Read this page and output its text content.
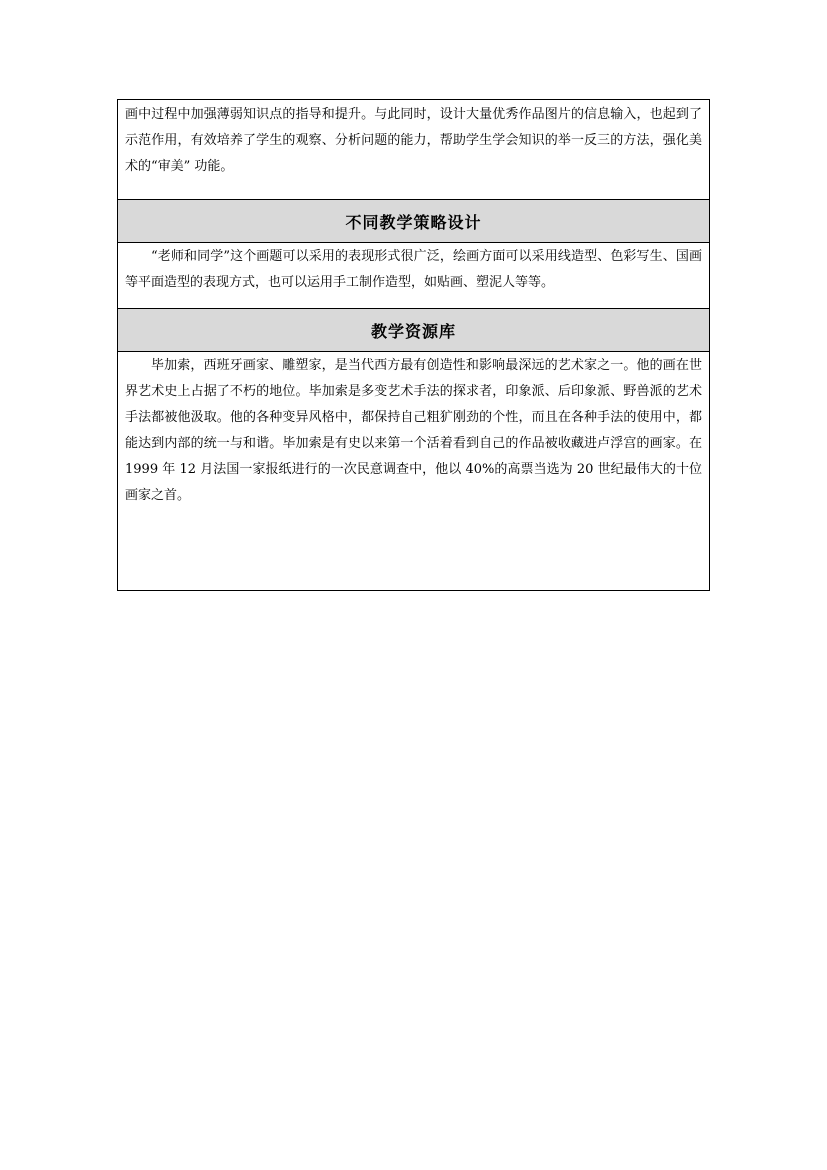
画中过程中加强薄弱知识点的指导和提升。与此同时，设计大量优秀作品图片的信息输入，也起到了示范作用，有效培养了学生的观察、分析问题的能力，帮助学生学会知识的举一反三的方法，强化美术的“审美” 功能。

不同教学策略设计

“老师和同学”这个画题可以采用的表现形式很广泛，绘画方面可以采用线造型、色彩写生、国画等平面造型的表现方式，也可以运用手工制作造型，如贴画、塑泥人等等。

教学资源库

毕加索，西班牙画家、雕塑家，是当代西方最有创造性和影响最深远的艺术家之一。他的画在世界艺术史上占据了不朽的地位。毕加索是多变艺术手法的探求者，印象派、后印象派、野兽派的艺术手法都被他汲取。他的各种变异风格中，都保持自己粗犷刚劲的个性，而且在各种手法的使用中，都能达到内部的统一与和谐。毕加索是有史以来第一个活着看到自己的作品被收藏进卢浮宫的画家。在 1999 年 12 月法国一家报纸进行的一次民意调查中，他以 40%的高票当选为 20 世纪最伟大的十位画家之首。
